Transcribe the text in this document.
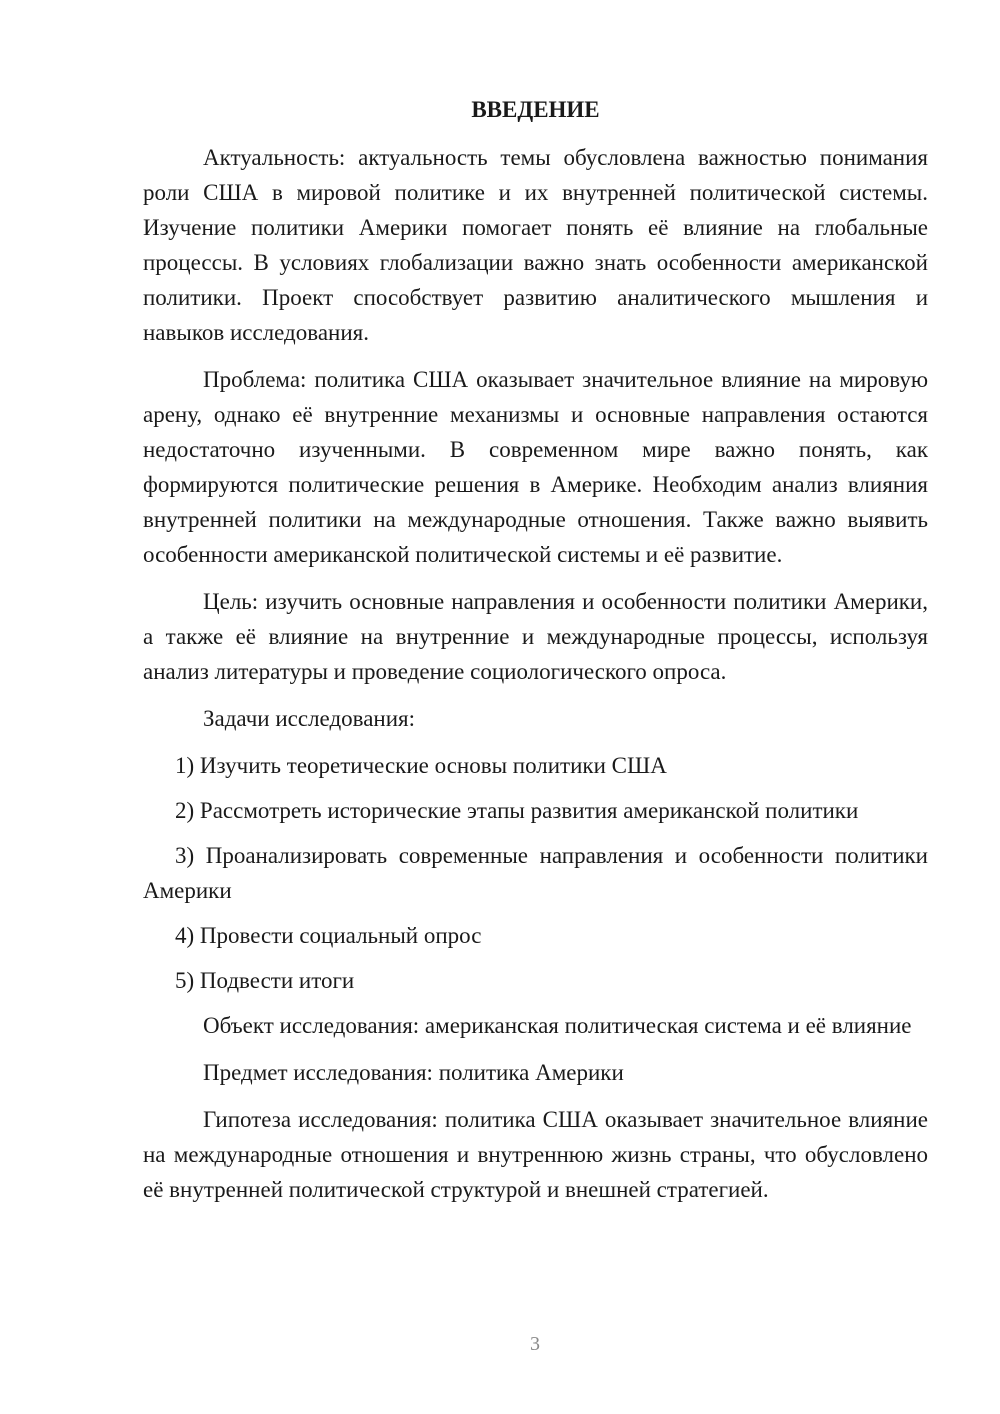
ВВЕДЕНИЕ

Актуальность: актуальность темы обусловлена важностью понимания роли США в мировой политике и их внутренней политической системы. Изучение политики Америки помогает понять её влияние на глобальные процессы. В условиях глобализации важно знать особенности американской политики. Проект способствует развитию аналитического мышления и навыков исследования.

Проблема: политика США оказывает значительное влияние на мировую арену, однако её внутренние механизмы и основные направления остаются недостаточно изученными. В современном мире важно понять, как формируются политические решения в Америке. Необходим анализ влияния внутренней политики на международные отношения. Также важно выявить особенности американской политической системы и её развитие.

Цель: изучить основные направления и особенности политики Америки, а также её влияние на внутренние и международные процессы, используя анализ литературы и проведение социологического опроса.

Задачи исследования:

1) Изучить теоретические основы политики США

2) Рассмотреть исторические этапы развития американской политики

3) Проанализировать современные направления и особенности политики Америки

4) Провести социальный опрос

5) Подвести итоги

Объект исследования: американская политическая система и её влияние

Предмет исследования: политика Америки

Гипотеза исследования: политика США оказывает значительное влияние на международные отношения и внутреннюю жизнь страны, что обусловлено её внутренней политической структурой и внешней стратегией.

3
